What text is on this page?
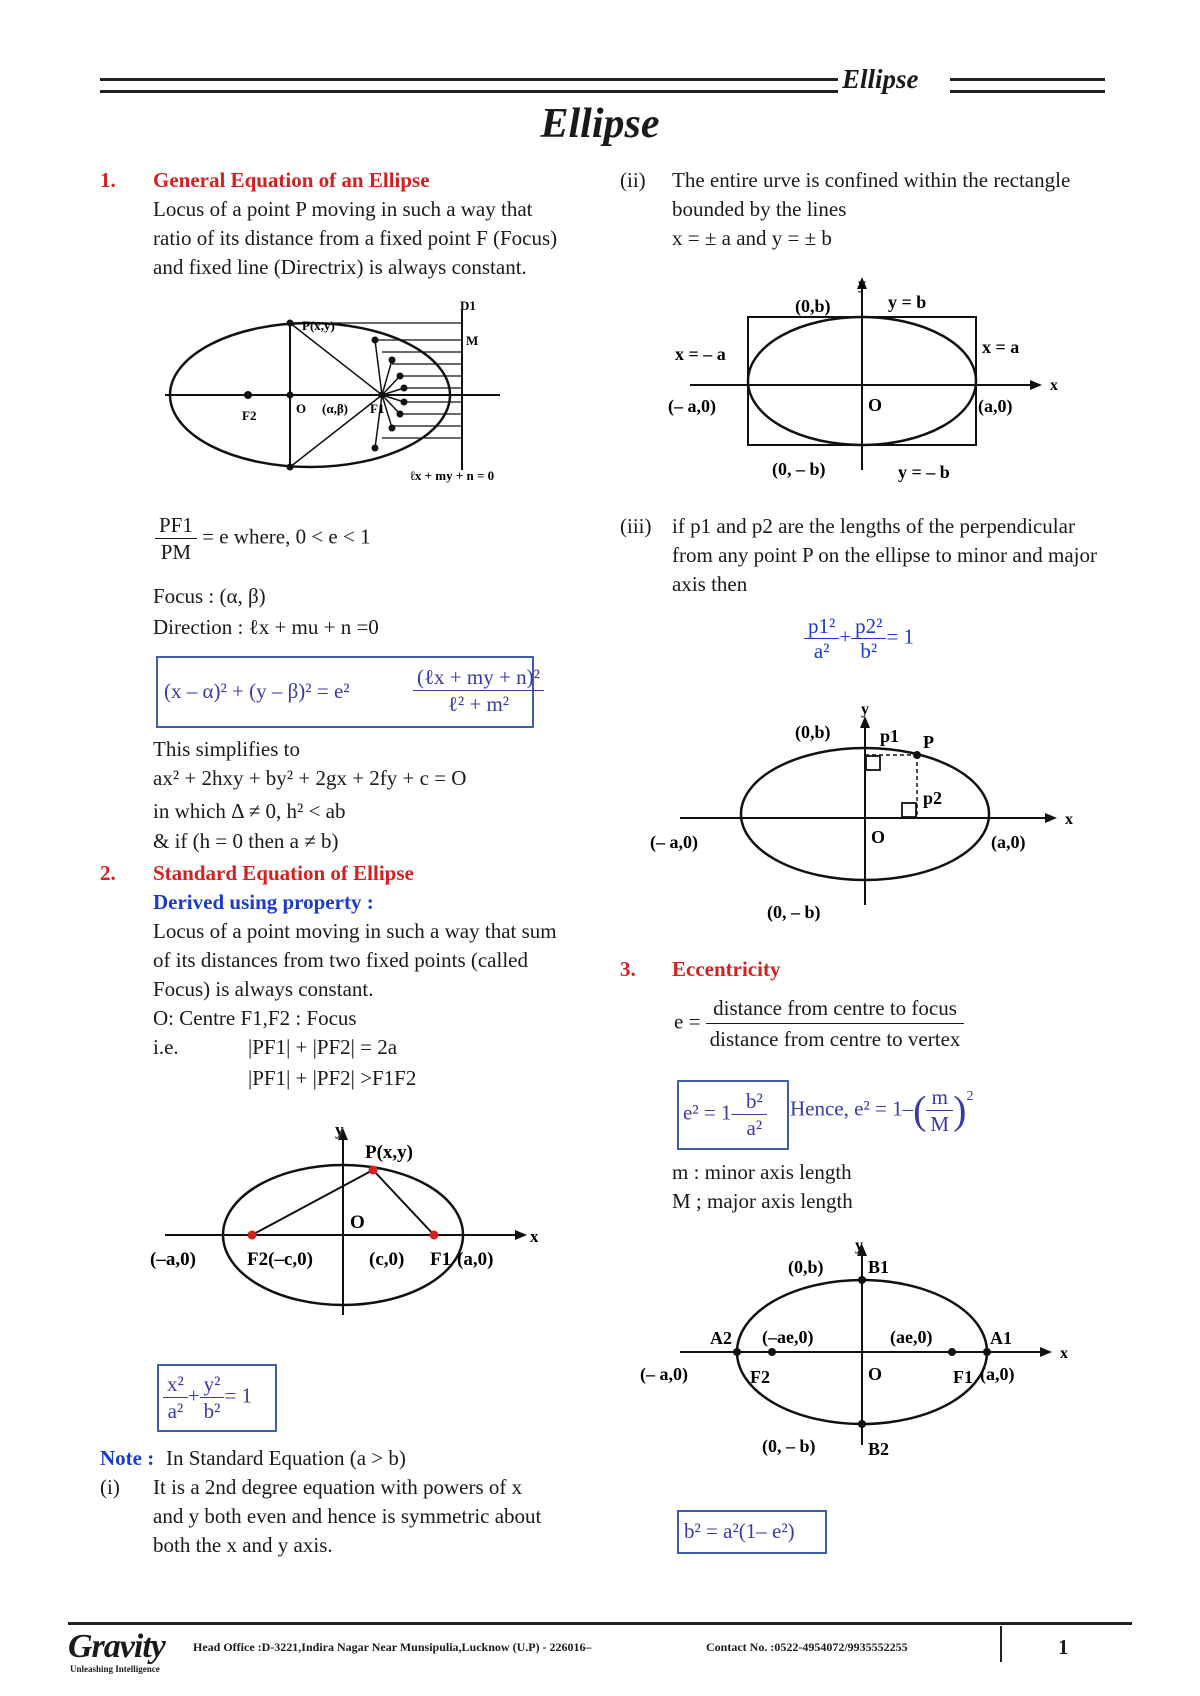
Ellipse
Ellipse
1. General Equation of an Ellipse
Locus of a point P moving in such a way that
ratio of its distance from a fixed point F (Focus)
and fixed line (Directrix) is always constant.
P(x,y)
D1
M
F2	O (α,β) F1
ℓx + my + n = 0
$\frac{PF1}{PM} = e$ where, 0 < e < 1
Focus : (α, β)
Direction : ℓx + mu + n =0
(x – α)² + (y – β)² = e²	$\frac{\text{(ℓx + my + n)²}}{\text{ℓ² + m²}}$
This simplifies to
ax² + 2hxy + by² + 2gx + 2fy + c = O
in which Δ ≠ 0, h² < ab
& if (h = 0 then a ≠ b)
2. Standard Equation of Ellipse
Derived using property :
Locus of a point moving in such a way that sum
of its distances from two fixed points (called
Focus) is always constant.
O: Centre F1,F2 : Focus
i.e.	|PF1| + |PF2| = 2a
|PF1| + |PF2| >F1F2
y
P(x,y)
O
x
(–a,0)	F2(–c,0)	(c,0) F1 (a,0)
$\frac{\text{x²}}{\text{a²}} + \frac{\text{y²}}{\text{b²}} = 1$
Note : In Standard Equation (a > b)
(i) It is a 2nd degree equation with powers of x
and y both even and hence is symmetric about
both the x and y axis.
(ii) The entire urve is confined within the rectangle
bounded by the lines
x = ± a and y = ± b
y
(0,b)	y = b
x = – a	x = a
x
(– a,0)	O	(a,0)
(0, – b)	y = – b
(iii) if p1 and p2 are the lengths of the perpendicular
from any point P on the ellipse to minor and major
axis then
$\frac{\text{p1²}}{\text{a²}} + \frac{\text{p2²}}{\text{b²}} = 1$
y
(0,b)	p1 P
p2
x
(– a,0)	O	(a,0)
(0, – b)
3. Eccentricity
$e = \frac{\text{distance from centre to focus}}{\text{distance from centre to vertex}}$
$e^2 = 1- \frac{\text{b²}}{\text{a²}}$ Hence, $e^2 = 1-( \frac{m}{M} )^2$
m : minor axis length
M ; major axis length
y
(0,b) B1
A2 (–ae,0)	(ae,0)	A1
x
(– a,0)	F2	O	F1 (a,0)
(0, – b)	B2
b² = a²(1– e²)
Gravity
Unleashing Intelligence
Head Office :D-3221,Indira Nagar Near Munsipulia,Lucknow (U.P) - 226016–	Contact No. :0522-4954072/9935552255	1
